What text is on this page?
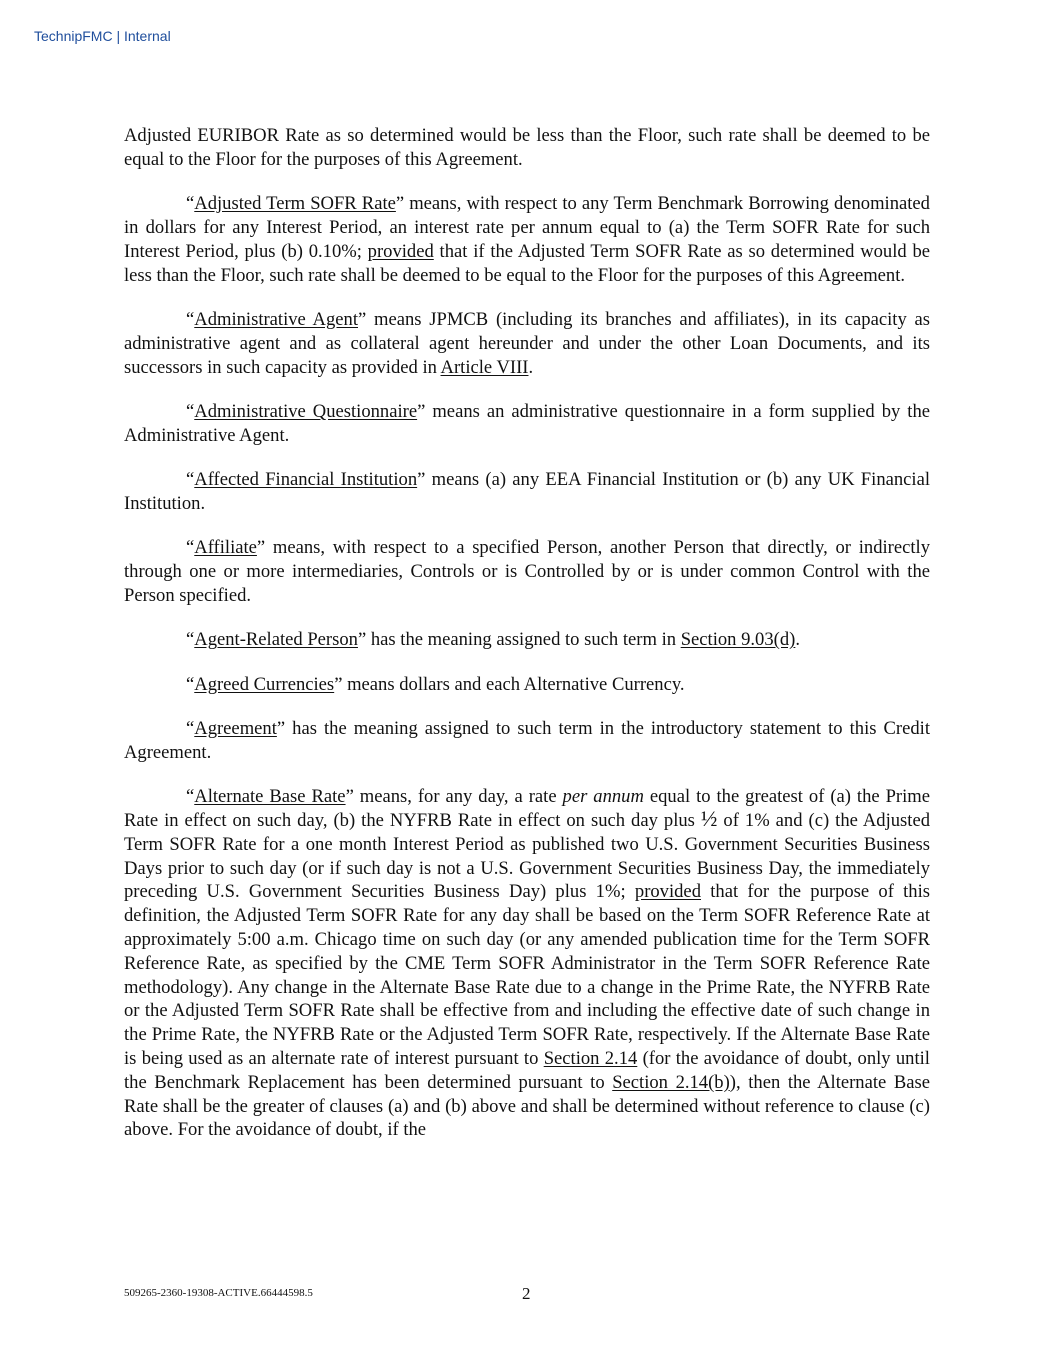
TechnipFMC | Internal

Adjusted EURIBOR Rate as so determined would be less than the Floor, such rate shall be deemed to be equal to the Floor for the purposes of this Agreement.

“Adjusted Term SOFR Rate” means, with respect to any Term Benchmark Borrowing denominated in dollars for any Interest Period, an interest rate per annum equal to (a) the Term SOFR Rate for such Interest Period, plus (b) 0.10%; provided that if the Adjusted Term SOFR Rate as so determined would be less than the Floor, such rate shall be deemed to be equal to the Floor for the purposes of this Agreement.

“Administrative Agent” means JPMCB (including its branches and affiliates), in its capacity as administrative agent and as collateral agent hereunder and under the other Loan Documents, and its successors in such capacity as provided in Article VIII.

“Administrative Questionnaire” means an administrative questionnaire in a form supplied by the Administrative Agent.

“Affected Financial Institution” means (a) any EEA Financial Institution or (b) any UK Financial Institution.

“Affiliate” means, with respect to a specified Person, another Person that directly, or indirectly through one or more intermediaries, Controls or is Controlled by or is under common Control with the Person specified.

“Agent-Related Person” has the meaning assigned to such term in Section 9.03(d).

“Agreed Currencies” means dollars and each Alternative Currency.

“Agreement” has the meaning assigned to such term in the introductory statement to this Credit Agreement.

“Alternate Base Rate” means, for any day, a rate per annum equal to the greatest of (a) the Prime Rate in effect on such day, (b) the NYFRB Rate in effect on such day plus ½ of 1% and (c) the Adjusted Term SOFR Rate for a one month Interest Period as published two U.S. Government Securities Business Days prior to such day (or if such day is not a U.S. Government Securities Business Day, the immediately preceding U.S. Government Securities Business Day) plus 1%; provided that for the purpose of this definition, the Adjusted Term SOFR Rate for any day shall be based on the Term SOFR Reference Rate at approximately 5:00 a.m. Chicago time on such day (or any amended publication time for the Term SOFR Reference Rate, as specified by the CME Term SOFR Administrator in the Term SOFR Reference Rate methodology). Any change in the Alternate Base Rate due to a change in the Prime Rate, the NYFRB Rate or the Adjusted Term SOFR Rate shall be effective from and including the effective date of such change in the Prime Rate, the NYFRB Rate or the Adjusted Term SOFR Rate, respectively. If the Alternate Base Rate is being used as an alternate rate of interest pursuant to Section 2.14 (for the avoidance of doubt, only until the Benchmark Replacement has been determined pursuant to Section 2.14(b)), then the Alternate Base Rate shall be the greater of clauses (a) and (b) above and shall be determined without reference to clause (c) above. For the avoidance of doubt, if the

509265-2360-19308-ACTIVE.66444598.5	2
